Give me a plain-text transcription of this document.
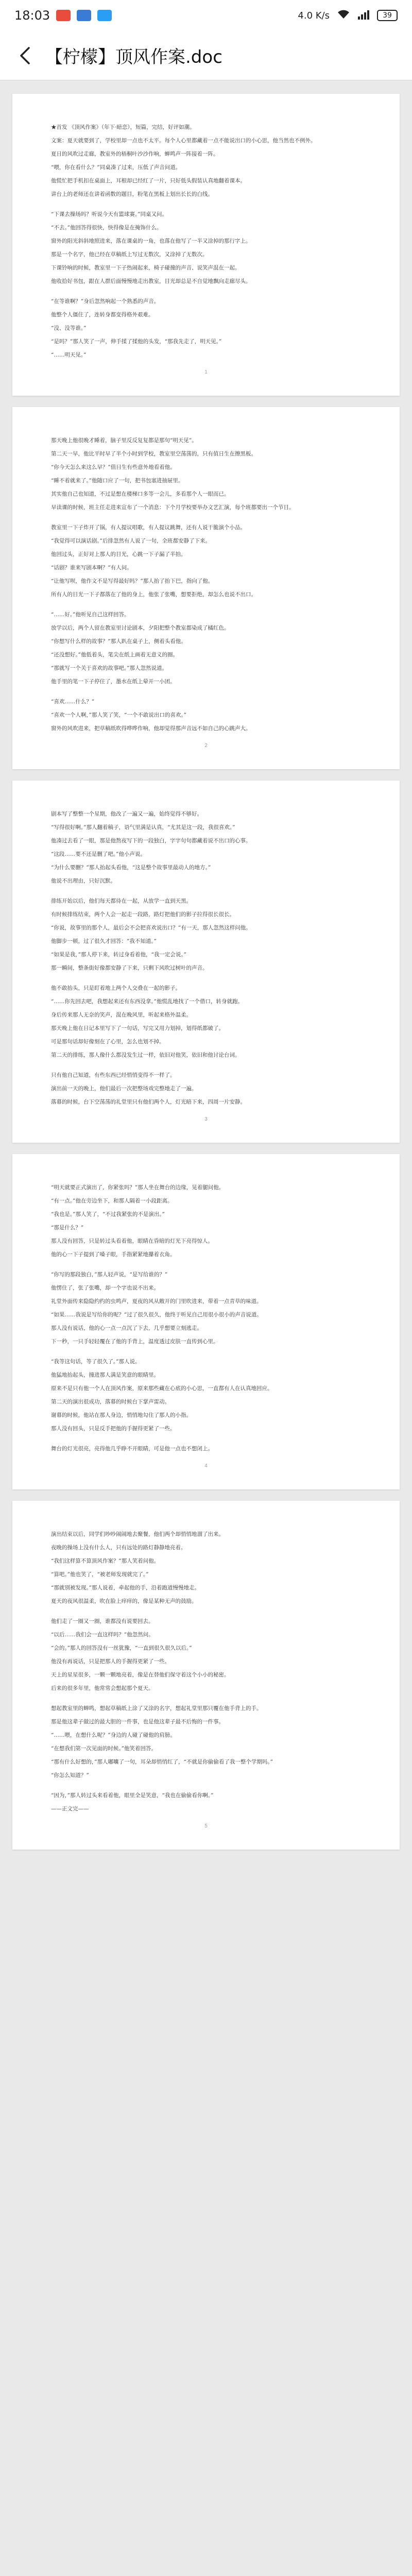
18:03	4.0 K/s	39
【柠檬】顶风作案.doc

★首发 《顶风作案》（年下·暗恋），短篇，完结，好评如潮。

文案：夏天就要到了，学校里却一点也不太平。每个人心里都藏着一点不能说出口的小心思，他当然也不例外。

夏日的风吹过走廊，教室外的梧桐叶沙沙作响，蝉鸣声一阵接着一阵。

“喂，你在看什么？”同桌凑了过来，压低了声音问道。

他慌忙把手机扣在桌面上，耳根却已经红了一片，只好低头假装认真地翻着课本。

讲台上的老师还在讲着函数的题目，粉笔在黑板上划出长长的白线。

“下课去操场吗？听说今天有篮球赛。”同桌又问。

“不去。”他回答得很快，快得像是在掩饰什么。

窗外的阳光斜斜地照进来，落在课桌的一角，也落在他写了一半又涂掉的那行字上。

那是一个名字，他已经在草稿纸上写过无数次，又涂掉了无数次。

下课铃响的时候，教室里一下子热闹起来，椅子碰撞的声音、说笑声混在一起。

他收拾好书包，跟在人群后面慢慢地走出教室，目光却总是不自觉地飘向走廊尽头。

“在等谁啊？”身后忽然响起一个熟悉的声音。

他整个人僵住了，连转身都变得格外艰难。

“没、没等谁。”

“是吗？”那人笑了一声，伸手揉了揉他的头发，“那我先走了，明天见。”

“……明天见。”

1

那天晚上他很晚才睡着，脑子里反反复复都是那句“明天见”。

第二天一早，他比平时早了半个小时到学校，教室里空荡荡的，只有值日生在擦黑板。

“你今天怎么来这么早？”值日生有些意外地看着他。

“睡不着就来了。”他随口应了一句，把书包塞进抽屉里。

其实他自己也知道，不过是想在楼梯口多等一会儿，多看那个人一眼而已。

早读课的时候，班主任走进来宣布了一个消息：下个月学校要举办文艺汇演，每个班都要出一个节目。

教室里一下子炸开了锅，有人提议唱歌，有人提议跳舞，还有人说干脆演个小品。

“我觉得可以演话剧。”后排忽然有人说了一句，全班都安静了下来。

他回过头，正好对上那人的目光，心跳一下子漏了半拍。

“话剧？谁来写剧本啊？”有人问。

“让他写呗，他作文不是写得最好吗？”那人抬了抬下巴，指向了他。

所有人的目光一下子都落在了他的身上，他张了张嘴，想要拒绝，却怎么也说不出口。

“……好。”他听见自己这样回答。

放学以后，两个人留在教室里讨论剧本，夕阳把整个教室都染成了橘红色。

“你想写什么样的故事？”那人趴在桌子上，侧着头看他。

“还没想好。”他低着头，笔尖在纸上画着无意义的圈。

“那就写一个关于喜欢的故事吧。”那人忽然说道。

他手里的笔一下子停住了，墨水在纸上晕开一小团。

“喜欢……什么？”

“喜欢一个人啊，”那人笑了笑，“一个不敢说出口的喜欢。”

窗外的风吹进来，把草稿纸吹得哗哗作响，他却觉得那声音远不如自己的心跳声大。

2

剧本写了整整一个星期，他改了一遍又一遍，始终觉得不够好。

“写得很好啊。”那人翻着稿子，语气里满是认真，“尤其是这一段，我很喜欢。”

他凑过去看了一眼，那是他熬夜写下的一段独白，字字句句都藏着说不出口的心事。

“这段……要不还是删了吧。”他小声说。

“为什么要删？”那人抬起头看他，“这是整个故事里最动人的地方。”

他说不出理由，只好沉默。

排练开始以后，他们每天都待在一起，从放学一直到天黑。

有时候排练结束，两个人会一起走一段路，路灯把他们的影子拉得很长很长。

“你说，故事里的那个人，最后会不会把喜欢说出口？”有一天，那人忽然这样问他。

他脚步一顿，过了很久才回答：“我不知道。”

“如果是我，”那人停下来，转过身看着他，“我一定会说。”

那一瞬间，整条街好像都安静了下来，只剩下风吹过树叶的声音。

他不敢抬头，只是盯着地上两个人交叠在一起的影子。

“……你先回去吧，我想起来还有东西没拿。”他慌乱地找了一个借口，转身就跑。

身后传来那人无奈的笑声，混在晚风里，听起来格外温柔。

那天晚上他在日记本里写下了一句话，写完又用力划掉，划得纸都破了。

可是那句话却好像刻在了心里，怎么也划不掉。

第二天的排练，那人像什么都没发生过一样，依旧对他笑，依旧和他讨论台词。

只有他自己知道，有些东西已经悄悄变得不一样了。

演出前一天的晚上，他们最后一次把整场戏完整地走了一遍。

落幕的时候，台下空荡荡的礼堂里只有他们两个人，灯光暗下来，四周一片安静。

3

“明天就要正式演出了，你紧张吗？”那人坐在舞台的边缘，晃着腿问他。

“有一点。”他在旁边坐下，和那人隔着一小段距离。

“我也是。”那人笑了，“不过我紧张的不是演出。”

“那是什么？”

那人没有回答，只是转过头看着他，眼睛在昏暗的灯光下亮得惊人。

他的心一下子提到了嗓子眼，手指紧紧地攥着衣角。

“你写的那段独白，”那人轻声说，“是写给谁的？”

他愣住了，张了张嘴，却一个字也说不出来。

礼堂外面传来隐隐约约的虫鸣声，夏夜的风从敞开的门里吹进来，带着一点青草的味道。

“如果……我说是写给你的呢？”过了很久很久，他终于听见自己用很小很小的声音说道。

那人没有说话，他的心一点一点沉了下去，几乎想要立刻逃走。

下一秒，一只手轻轻覆在了他的手背上，温度透过皮肤一直传到心里。

“我等这句话，等了很久了。”那人说。

他猛地抬起头，撞进那人满是笑意的眼睛里。

原来不是只有他一个人在顶风作案，原来那些藏在心底的小心思，一直都有人在认真地回应。

第二天的演出很成功，落幕的时候台下掌声雷动。

谢幕的时候，他站在那人身边，悄悄地勾住了那人的小指。

那人没有回头，只是反手把他的手握得更紧了一些。

舞台的灯光很亮，亮得他几乎睁不开眼睛，可是他一点也不想闭上。

4

演出结束以后，同学们吵吵闹闹地去聚餐，他们两个却悄悄地溜了出来。

夜晚的操场上没有什么人，只有远处的路灯静静地亮着。

“我们这样算不算顶风作案？”那人笑着问他。

“算吧。”他也笑了，“被老师发现就完了。”

“那就别被发现。”那人说着，牵起他的手，沿着跑道慢慢地走。

夏天的夜风很温柔，吹在脸上痒痒的，像是某种无声的鼓励。

他们走了一圈又一圈，谁都没有说要回去。

“以后……我们会一直这样吗？”他忽然问。

“会的。”那人的回答没有一丝犹豫，“一直到很久很久以后。”

他没有再说话，只是把那人的手握得更紧了一些。

天上的星星很多，一颗一颗地亮着，像是在替他们保守着这个小小的秘密。

后来的很多年里，他常常会想起那个夏天。

想起教室里的蝉鸣，想起草稿纸上涂了又涂的名字，想起礼堂里那只覆在他手背上的手。

那是他这辈子做过的最大胆的一件事，也是他这辈子最不后悔的一件事。

“……喂，在想什么呢？”身边的人碰了碰他的肩膀。

“在想我们第一次见面的时候。”他笑着回答。

“那有什么好想的，”那人嘟囔了一句，耳朵却悄悄红了，“不就是你偷偷看了我一整个学期吗。”

“你怎么知道？”

“因为，”那人转过头来看着他，眼里全是笑意，“我也在偷偷看你啊。”

——正文完——

5
